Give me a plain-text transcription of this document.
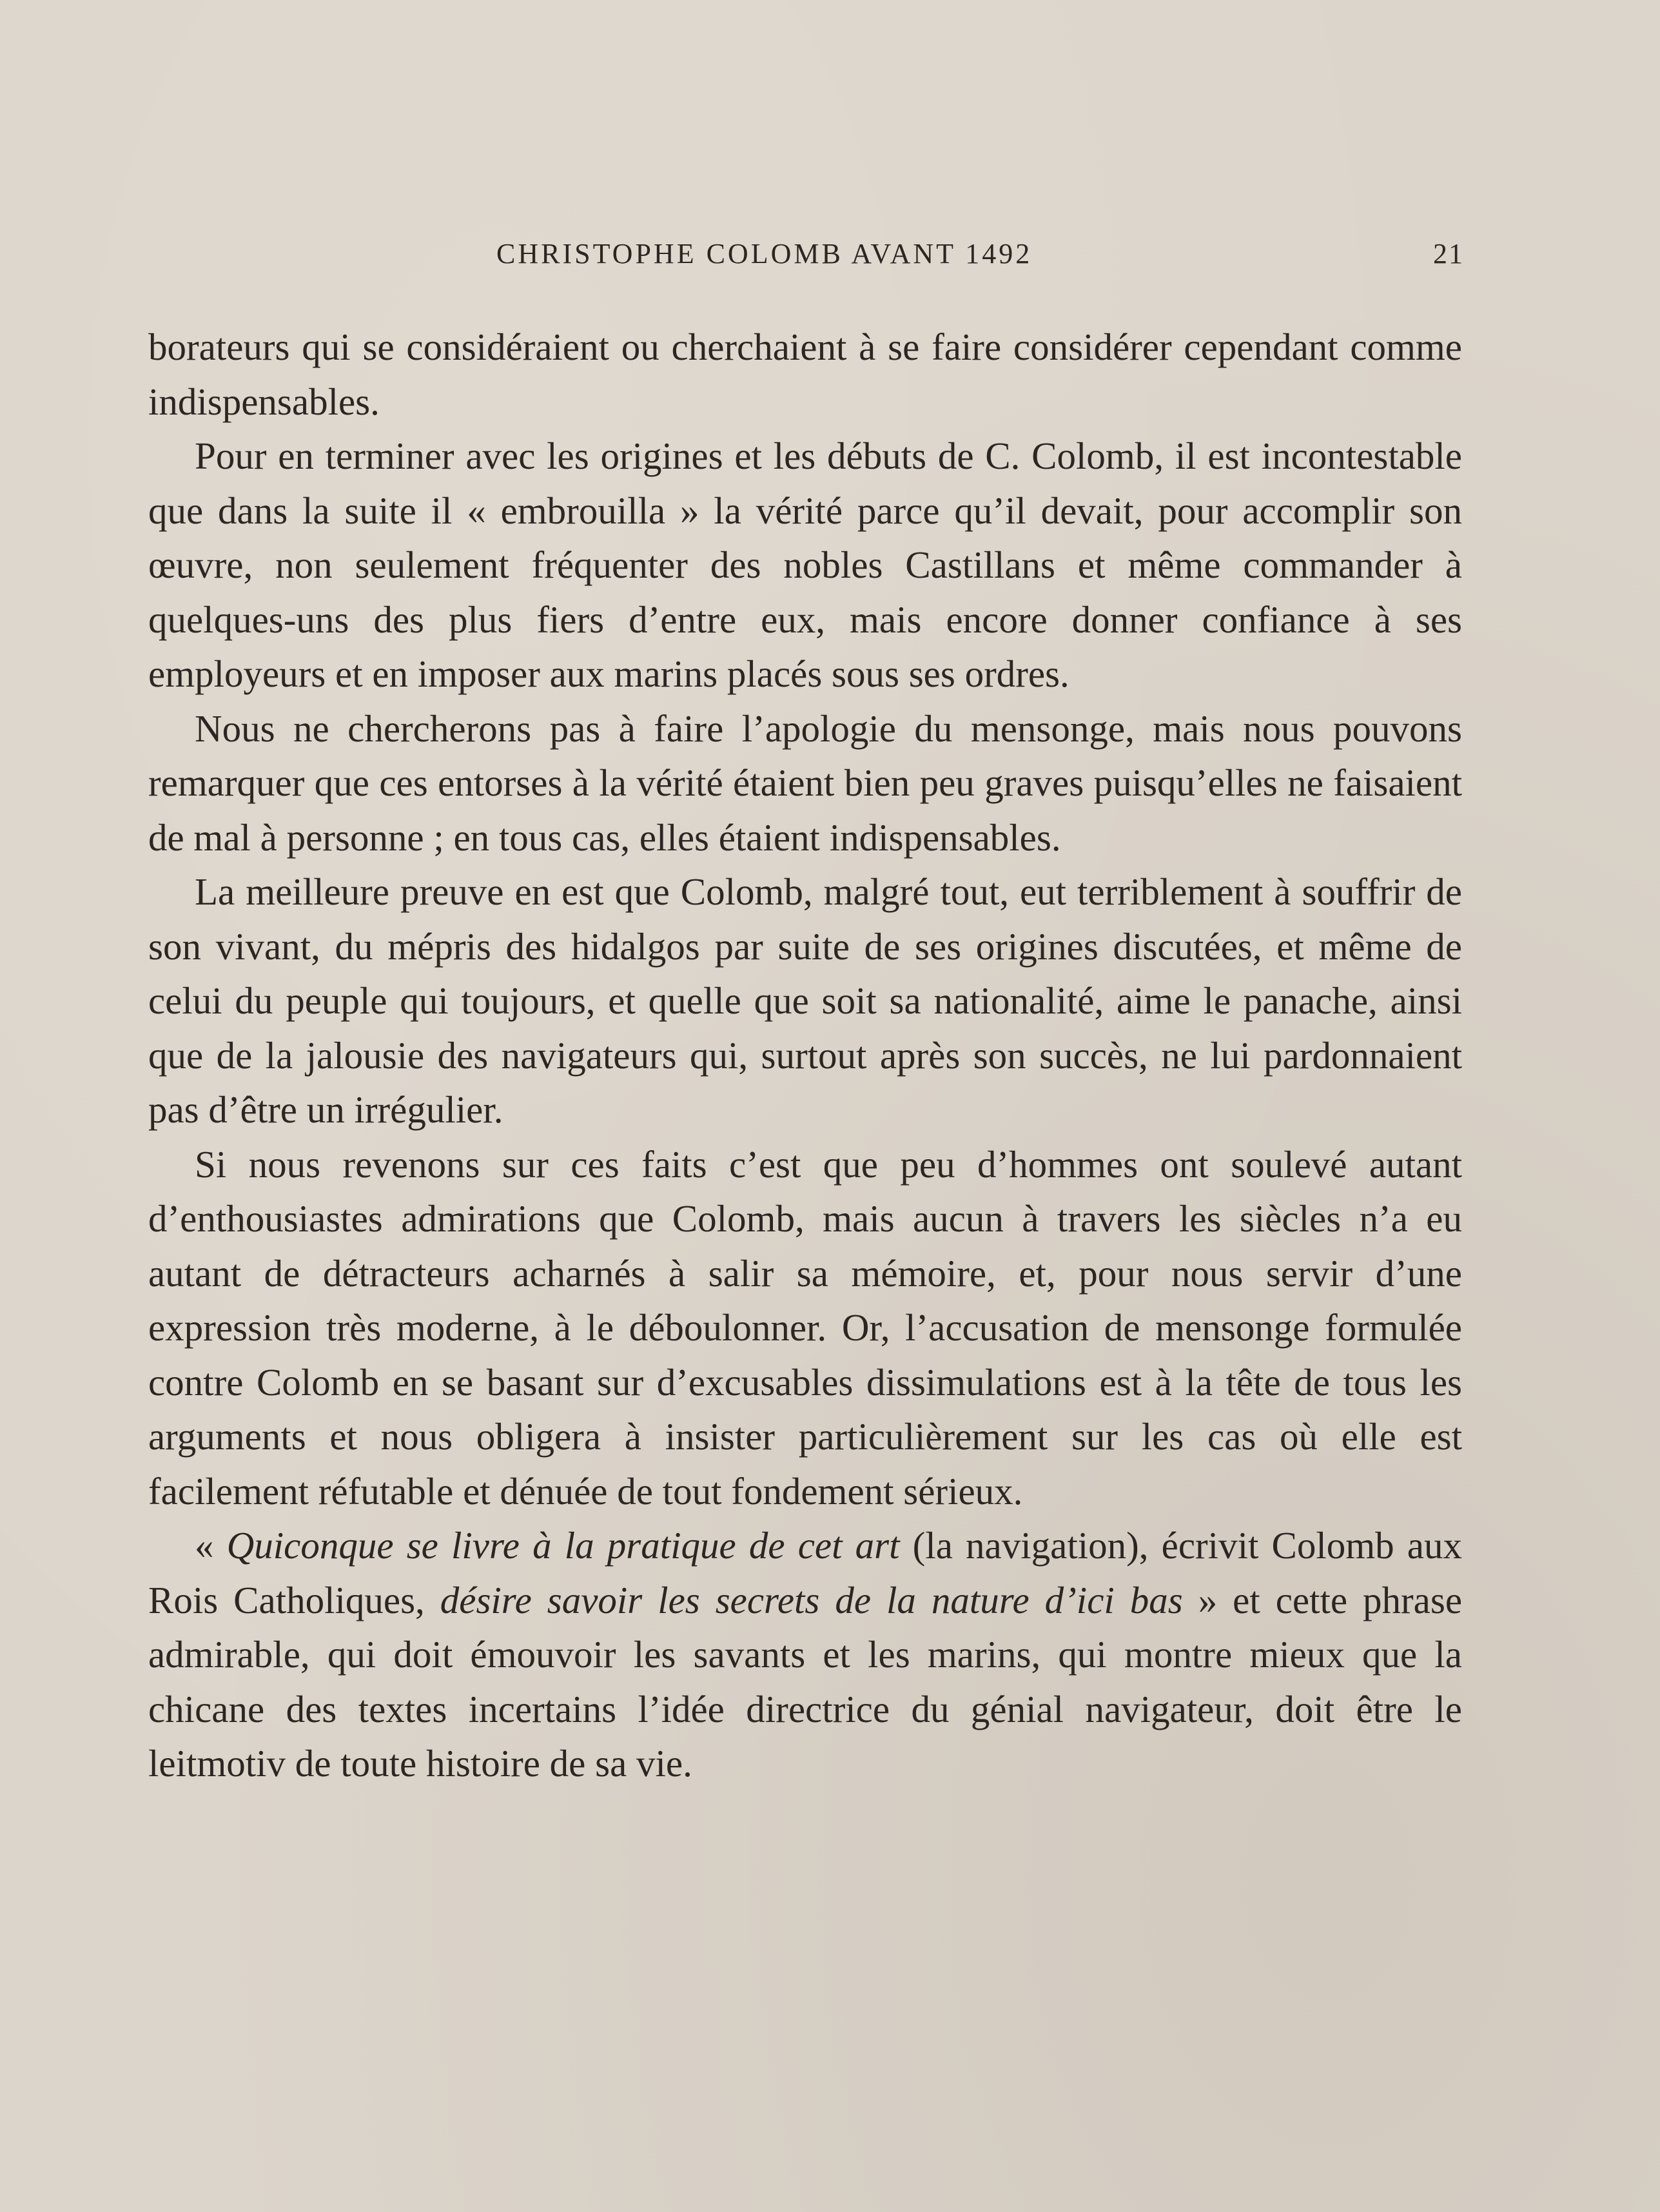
CHRISTOPHE COLOMB AVANT 1492	21

borateurs qui se considéraient ou cherchaient à se faire considérer cependant comme indispensables.

Pour en terminer avec les origines et les débuts de C. Colomb, il est incontestable que dans la suite il « embrouilla » la vérité parce qu’il devait, pour accomplir son œuvre, non seulement fréquenter des nobles Castillans et même commander à quelques-uns des plus fiers d’entre eux, mais encore donner confiance à ses employeurs et en imposer aux marins placés sous ses ordres.

Nous ne chercherons pas à faire l’apologie du mensonge, mais nous pouvons remarquer que ces entorses à la vérité étaient bien peu graves puisqu’elles ne faisaient de mal à personne ; en tous cas, elles étaient indispensables.

La meilleure preuve en est que Colomb, malgré tout, eut terriblement à souffrir de son vivant, du mépris des hidalgos par suite de ses origines discutées, et même de celui du peuple qui toujours, et quelle que soit sa nationalité, aime le panache, ainsi que de la jalousie des navigateurs qui, surtout après son succès, ne lui pardonnaient pas d’être un irrégulier.

Si nous revenons sur ces faits c’est que peu d’hommes ont soulevé autant d’enthousiastes admirations que Colomb, mais aucun à travers les siècles n’a eu autant de détracteurs acharnés à salir sa mémoire, et, pour nous servir d’une expression très moderne, à le déboulonner. Or, l’accusation de mensonge formulée contre Colomb en se basant sur d’excusables dissimulations est à la tête de tous les arguments et nous obligera à insister particulièrement sur les cas où elle est facilement réfutable et dénuée de tout fondement sérieux.

« Quiconque se livre à la pratique de cet art (la navigation), écrivit Colomb aux Rois Catholiques, désire savoir les secrets de la nature d’ici bas » et cette phrase admirable, qui doit émouvoir les savants et les marins, qui montre mieux que la chicane des textes incertains l’idée directrice du génial navigateur, doit être le leitmotiv de toute histoire de sa vie.
